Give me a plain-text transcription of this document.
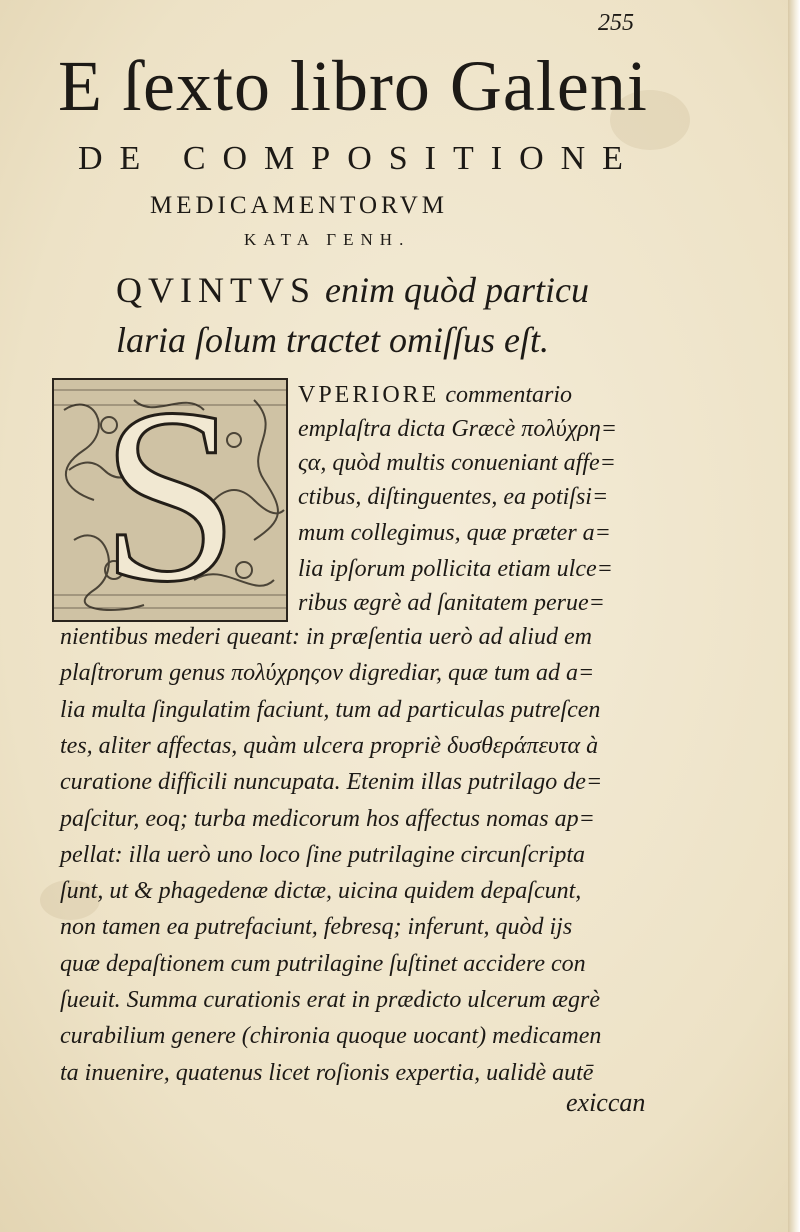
255
E ſexto libro Galeni
DE COMPOSITIONE
MEDICAMENTORVM
ΚΑΤΑ ΓΕΝΗ.
QVINTVS enim quòd particu
laria ſolum tractet omiſſus eſt.
S	VPERIORE commentario
emplaſtra dicta Græcè πολύχρη=
ςα, quòd multis conueniant affe=
ctibus, diſtinguentes, ea potiſsi=
mum collegimus, quæ præter a=
lia ipſorum pollicita etiam ulce=
ribus ægrè ad ſanitatem perue=
nientibus mederi queant: in præſentia uerò ad aliud em
plaſtrorum genus πολύχρηςον digrediar, quæ tum ad a=
lia multa ſingulatim faciunt, tum ad particulas putreſcen
tes, aliter affectas, quàm ulcera propriè δυσθεράπευτα à
curatione difficili nuncupata. Etenim illas putrilago de=
paſcitur, eoq; turba medicorum hos affectus nomas ap=
pellat: illa uerò uno loco ſine putrilagine circunſcripta
ſunt, ut & phagedenæ dictæ, uicina quidem depaſcunt,
non tamen ea putrefaciunt, febresq; inferunt, quòd ijs
quæ depaſtionem cum putrilagine ſuſtinet accidere con
ſueuit. Summa curationis erat in prædicto ulcerum ægrè
curabilium genere (chironia quoque uocant) medicamen
ta inuenire, quatenus licet roſionis expertia, ualidè autē
exiccan
